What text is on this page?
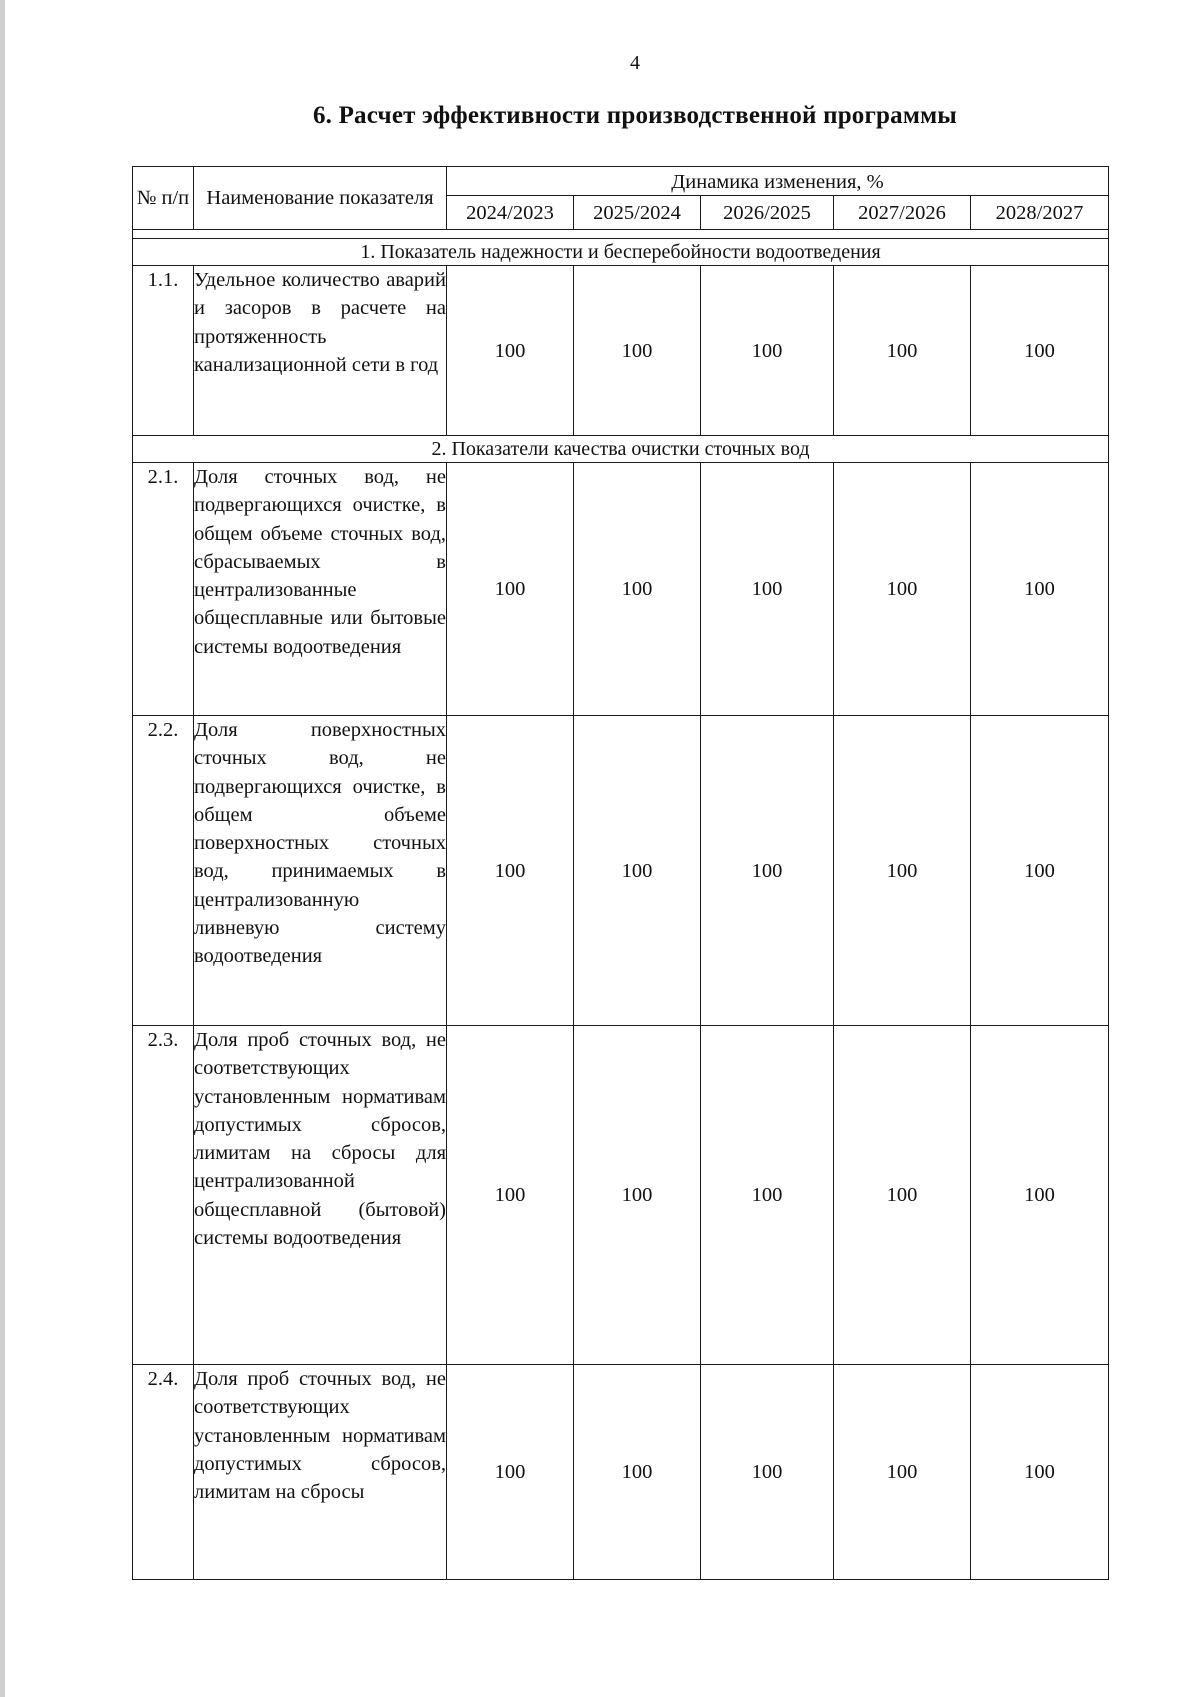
4
6. Расчет эффективности производственной программы
№ п/п	Наименование показателя	Динамика изменения, %				
		2024/2023	2025/2024	2026/2025	2027/2026	2028/2027

1. Показатель надежности и бесперебойности водоотведения						
1.1.	Удельное количество аварий и засоров в расчете на протяженность канализационной сети в год	100	100	100	100	100
2. Показатели качества очистки сточных вод						
2.1.	Доля сточных вод, не подвергающихся очистке, в общем объеме сточных вод, сбрасываемых в централизованные общесплавные или бытовые системы водоотведения	100	100	100	100	100
2.2.	Доля поверхностных сточных вод, не подвергающихся очистке, в общем объеме поверхностных сточных вод, принимаемых в централизованную ливневую систему водоотведения	100	100	100	100	100
2.3.	Доля проб сточных вод, не соответствующих установленным нормативам допустимых сбросов, лимитам на сбросы для централизованной общесплавной (бытовой) системы водоотведения	100	100	100	100	100
2.4.	Доля проб сточных вод, не соответствующих установленным нормативам допустимых сбросов, лимитам на сбросы	100	100	100	100	100
